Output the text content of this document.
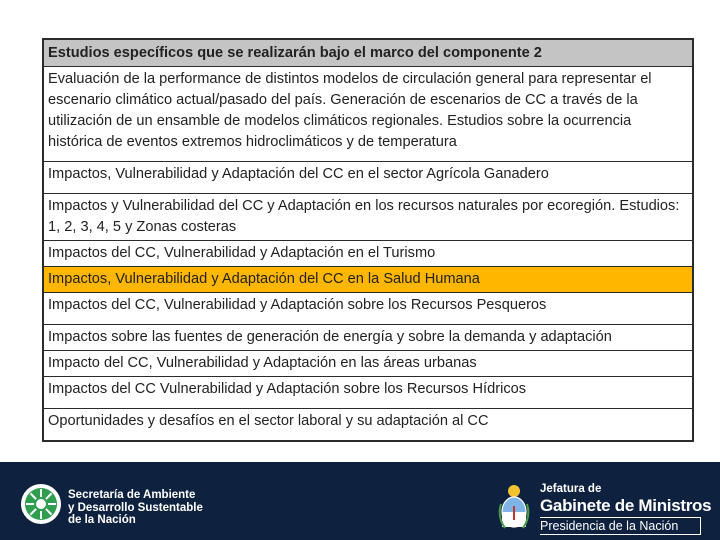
Estudios específicos que se realizarán bajo el marco del componente 2
Evaluación de la performance de distintos modelos de circulación general para representar el escenario climático actual/pasado del país. Generación de escenarios de CC a través de la utilización de un ensamble de modelos climáticos regionales. Estudios sobre la ocurrencia histórica de eventos extremos hidroclimáticos y de temperatura
Impactos, Vulnerabilidad y Adaptación del CC en el sector Agrícola Ganadero
Impactos y Vulnerabilidad del CC y Adaptación en los recursos naturales por ecoregión. Estudios: 1, 2, 3, 4, 5 y Zonas costeras
Impactos del CC, Vulnerabilidad y Adaptación en el Turismo
Impactos, Vulnerabilidad y Adaptación del CC en la Salud Humana
Impactos del CC, Vulnerabilidad y Adaptación sobre los Recursos Pesqueros
Impactos sobre las fuentes de generación de energía y sobre la demanda y adaptación
Impacto del CC, Vulnerabilidad y Adaptación en las áreas urbanas
Impactos del CC Vulnerabilidad y Adaptación sobre los Recursos Hídricos
Oportunidades y desafíos en el sector laboral y su adaptación al CC
Secretaría de Ambiente
y Desarrollo Sustentable
de la Nación
Jefatura de
Gabinete de Ministros
Presidencia de la Nación
